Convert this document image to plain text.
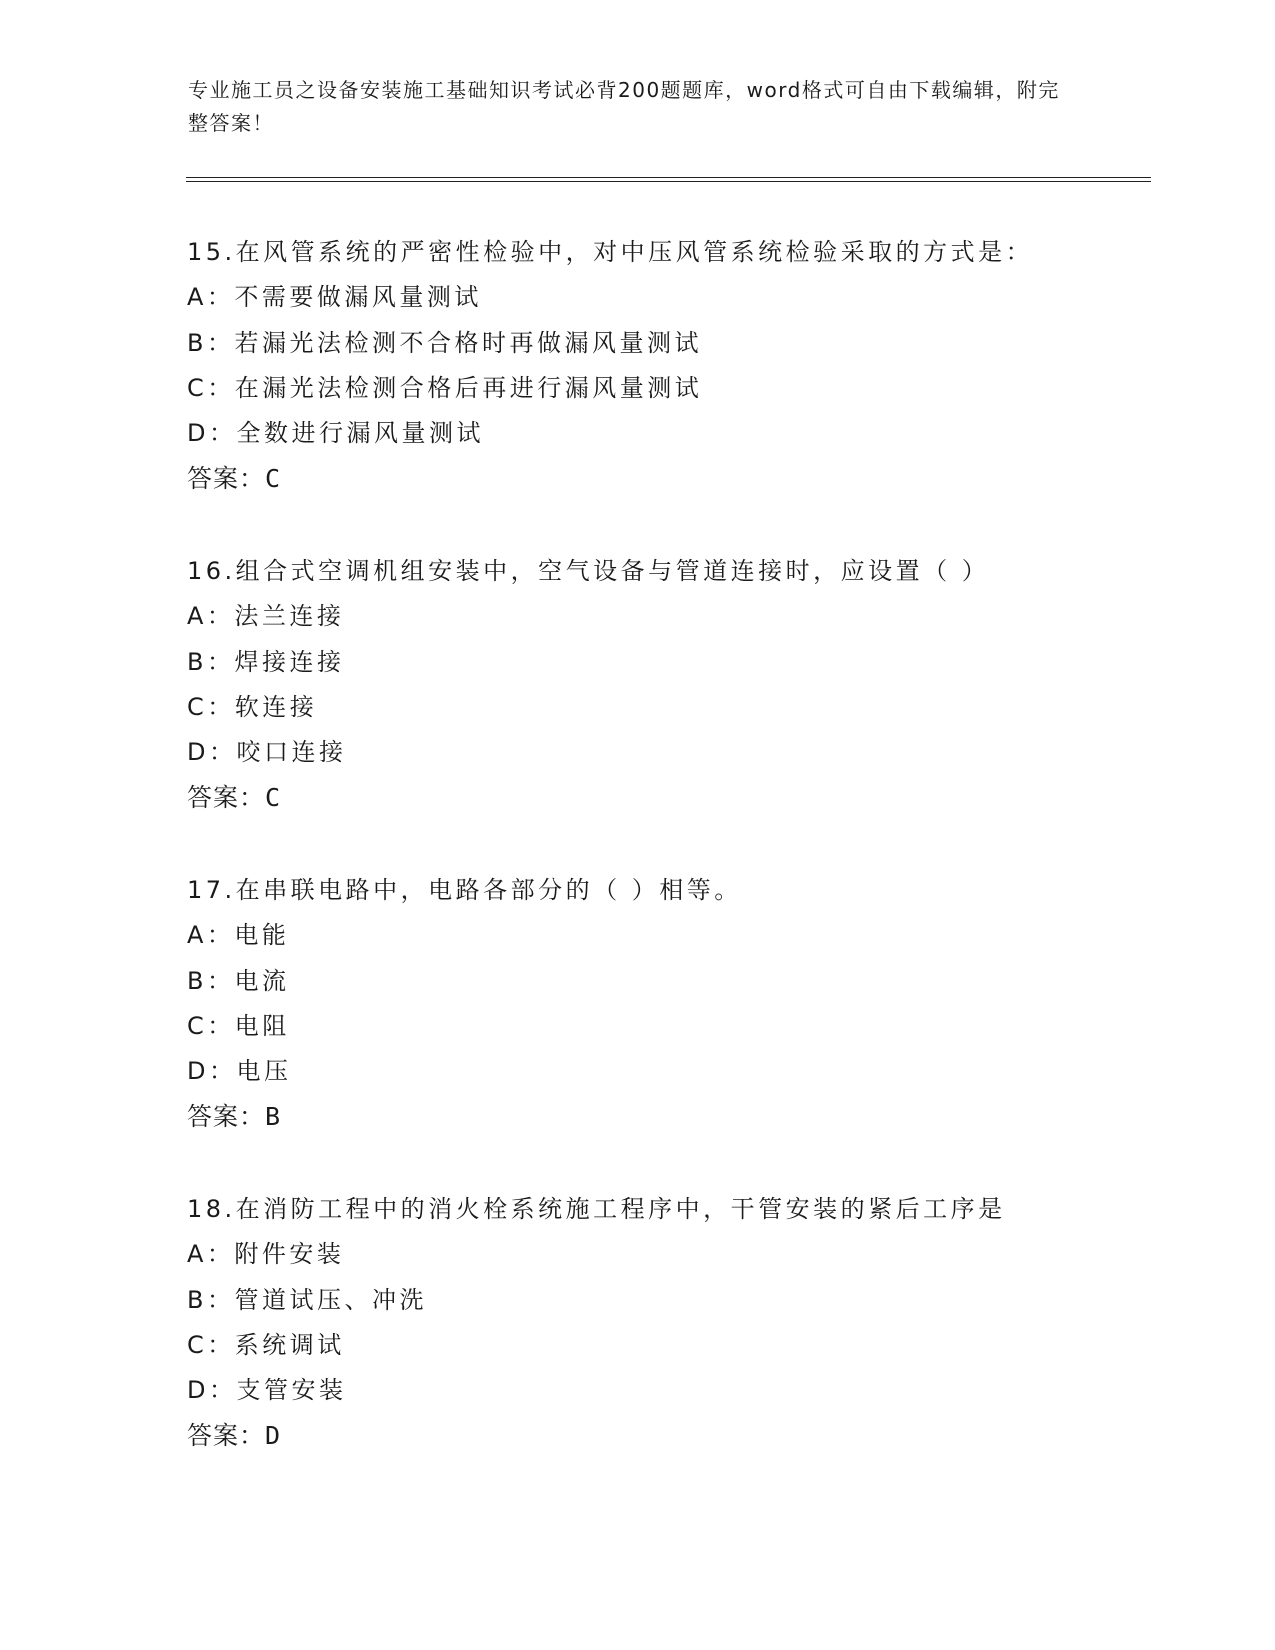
专业施工员之设备安装施工基础知识考试必背200题题库，word格式可自由下载编辑，附完整答案！
15.在风管系统的严密性检验中，对中压风管系统检验采取的方式是：
A：不需要做漏风量测试
B：若漏光法检测不合格时再做漏风量测试
C：在漏光法检测合格后再进行漏风量测试
D：全数进行漏风量测试
答案：C
16.组合式空调机组安装中，空气设备与管道连接时，应设置（ ）
A：法兰连接
B：焊接连接
C：软连接
D：咬口连接
答案：C
17.在串联电路中，电路各部分的（ ）相等。
A：电能
B：电流
C：电阻
D：电压
答案：B
18.在消防工程中的消火栓系统施工程序中，干管安装的紧后工序是
A：附件安装
B：管道试压、冲洗
C：系统调试
D：支管安装
答案：D
